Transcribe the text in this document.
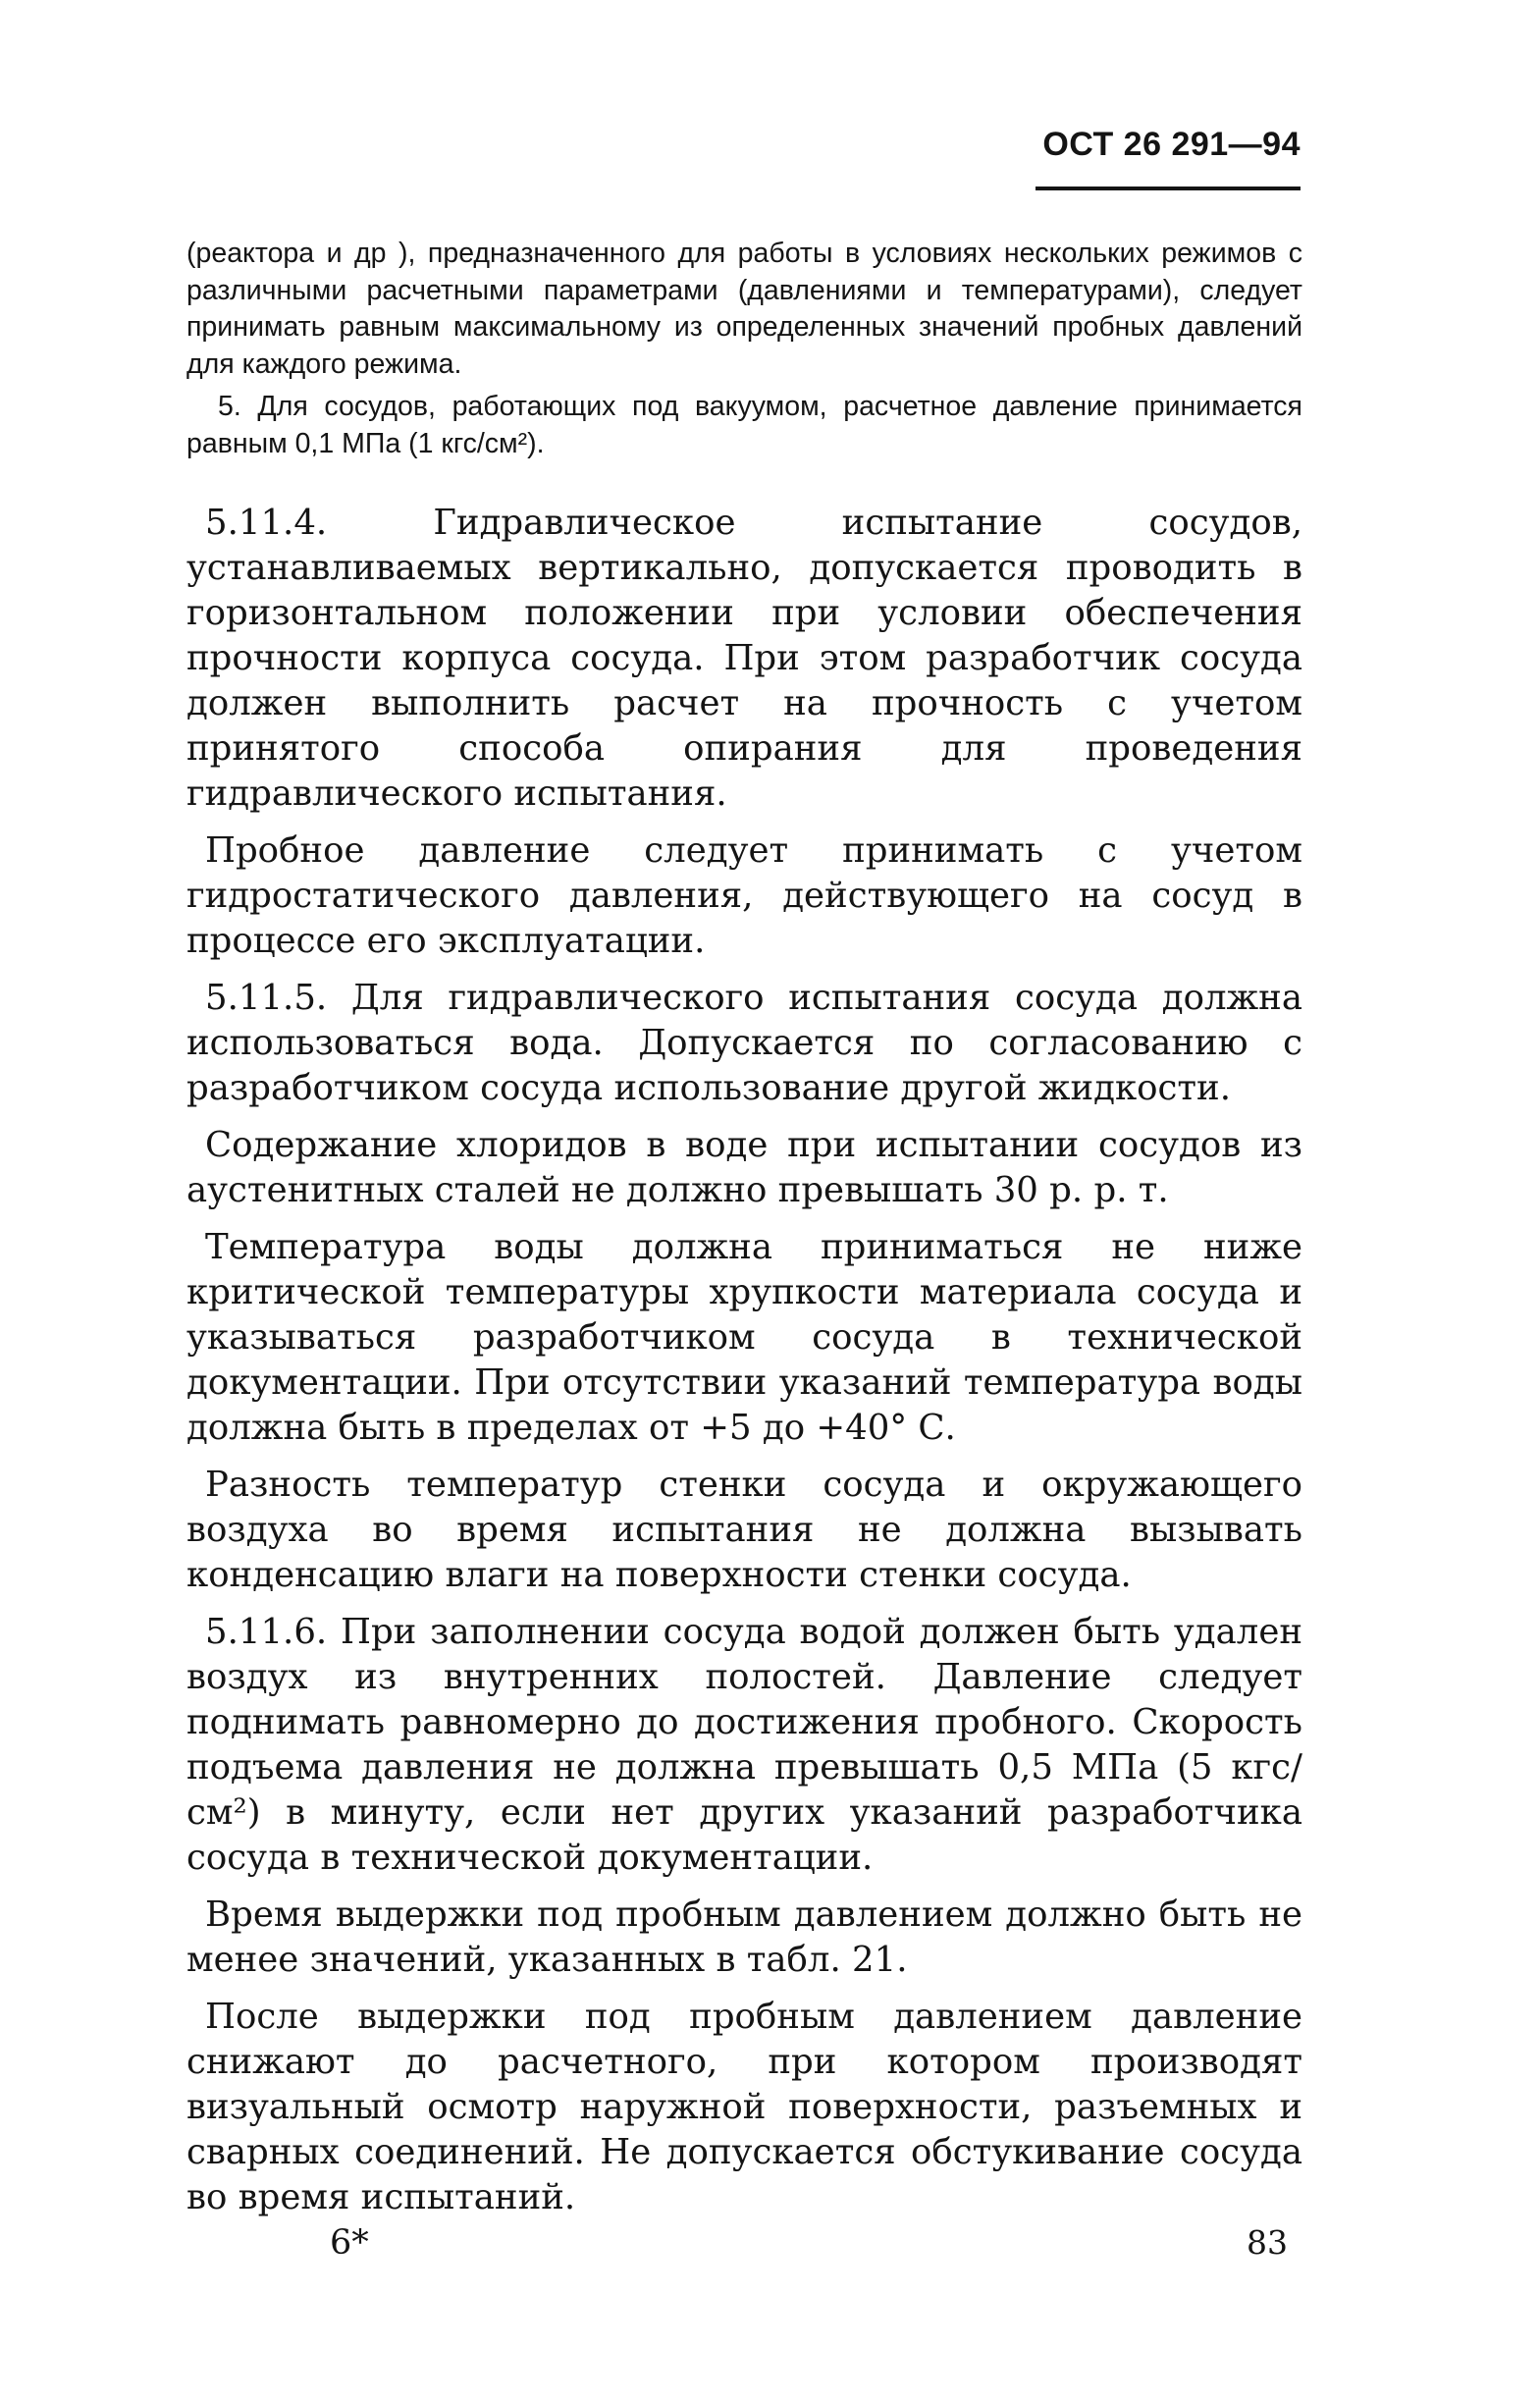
ОСТ 26 291—94

(реактора и др ), предназначенного для работы в условиях нескольких режимов с различными расчетными параметрами (давлениями и температурами), следует принимать равным максимальному из определенных значений пробных давлений для каждого режима.

5. Для сосудов, работающих под вакуумом, расчетное давление принимается равным 0,1 МПа (1 кгс/см²).

5.11.4. Гидравлическое испытание сосудов, устанавливаемых вертикально, допускается проводить в горизонтальном положении при условии обеспечения прочности корпуса сосуда. При этом разработчик сосуда должен выполнить расчет на прочность с учетом принятого способа опирания для проведения гидравлического испытания.

Пробное давление следует принимать с учетом гидростатического давления, действующего на сосуд в процессе его эксплуатации.

5.11.5. Для гидравлического испытания сосуда должна использоваться вода. Допускается по согласованию с разработчиком сосуда использование другой жидкости.

Содержание хлоридов в воде при испытании сосудов из аустенитных сталей не должно превышать 30 р. р. т.

Температура воды должна приниматься не ниже критической температуры хрупкости материала сосуда и указываться разработчиком сосуда в технической документации. При отсутствии указаний температура воды должна быть в пределах от +5 до +40° С.

Разность температур стенки сосуда и окружающего воздуха во время испытания не должна вызывать конденсацию влаги на поверхности стенки сосуда.

5.11.6. При заполнении сосуда водой должен быть удален воздух из внутренних полостей. Давление следует поднимать равномерно до достижения пробного. Скорость подъема давления не должна превышать 0,5 МПа (5 кгс/см²) в минуту, если нет других указаний разработчика сосуда в технической документации.

Время выдержки под пробным давлением должно быть не менее значений, указанных в табл. 21.

После выдержки под пробным давлением давление снижают до расчетного, при котором производят визуальный осмотр наружной поверхности, разъемных и сварных соединений. Не допускается обстукивание сосуда во время испытаний.

6*	83
